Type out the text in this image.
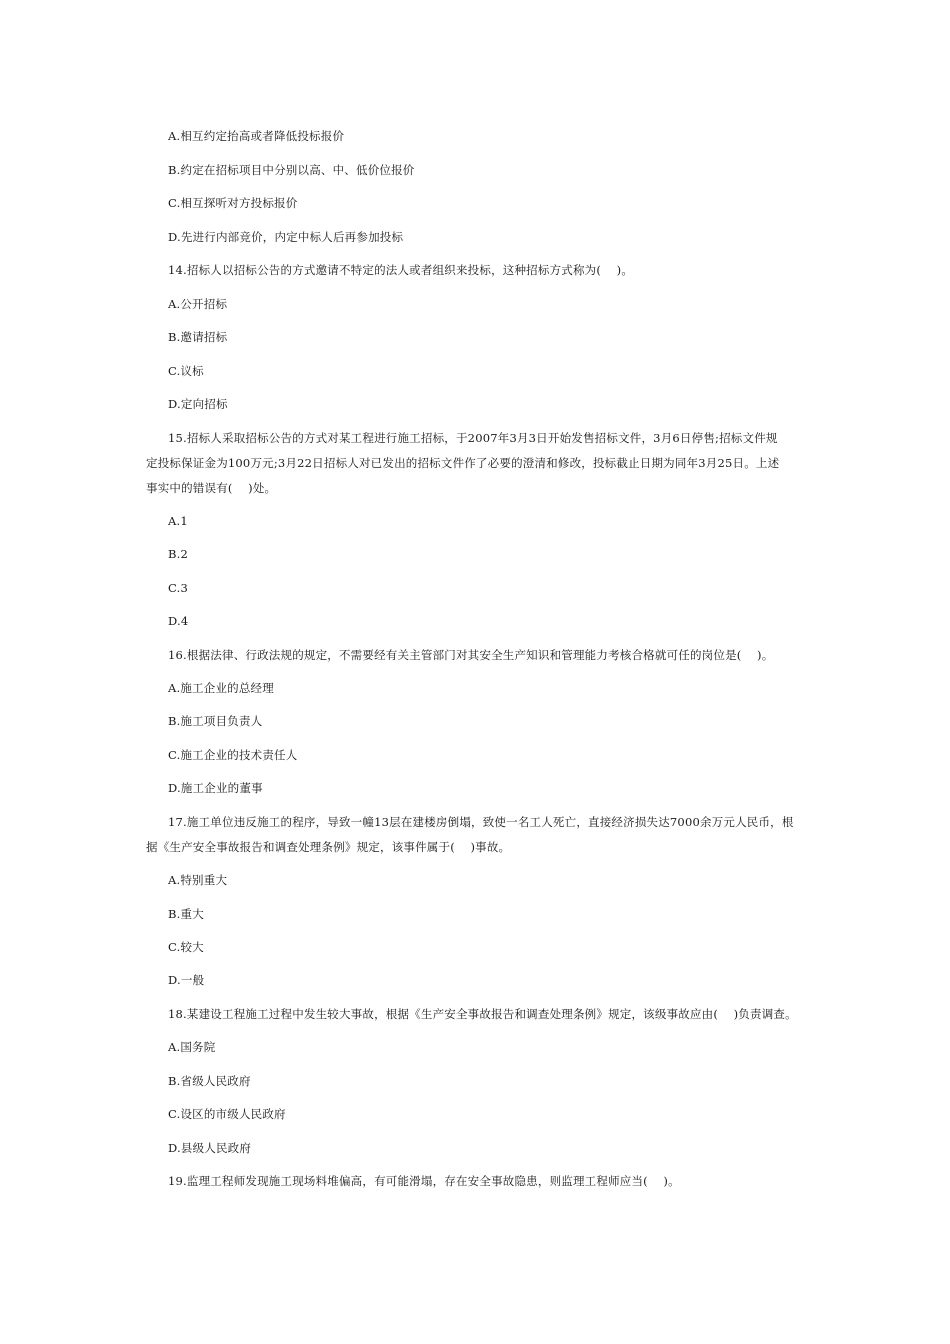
A.相互约定抬高或者降低投标报价
B.约定在招标项目中分别以高、中、低价位报价
C.相互探听对方投标报价
D.先进行内部竞价，内定中标人后再参加投标
14.招标人以招标公告的方式邀请不特定的法人或者组织来投标，这种招标方式称为(　 )。
A.公开招标
B.邀请招标
C.议标
D.定向招标
15.招标人采取招标公告的方式对某工程进行施工招标，于2007年3月3日开始发售招标文件，3月6日停售;招标文件规
定投标保证金为100万元;3月22日招标人对已发出的招标文件作了必要的澄清和修改，投标截止日期为同年3月25日。上述
事实中的错误有(　 )处。
A.1
B.2
C.3
D.4
16.根据法律、行政法规的规定，不需要经有关主管部门对其安全生产知识和管理能力考核合格就可任的岗位是(　 )。
A.施工企业的总经理
B.施工项目负责人
C.施工企业的技术责任人
D.施工企业的董事
17.施工单位违反施工的程序，导致一幢13层在建楼房倒塌，致使一名工人死亡，直接经济损失达7000余万元人民币，根
据《生产安全事故报告和调查处理条例》规定，该事件属于(　 )事故。
A.特别重大
B.重大
C.较大
D.一般
18.某建设工程施工过程中发生较大事故，根据《生产安全事故报告和调查处理条例》规定，该级事故应由(　 )负责调查。
A.国务院
B.省级人民政府
C.设区的市级人民政府
D.县级人民政府
19.监理工程师发现施工现场料堆偏高，有可能滑塌，存在安全事故隐患，则监理工程师应当(　 )。
